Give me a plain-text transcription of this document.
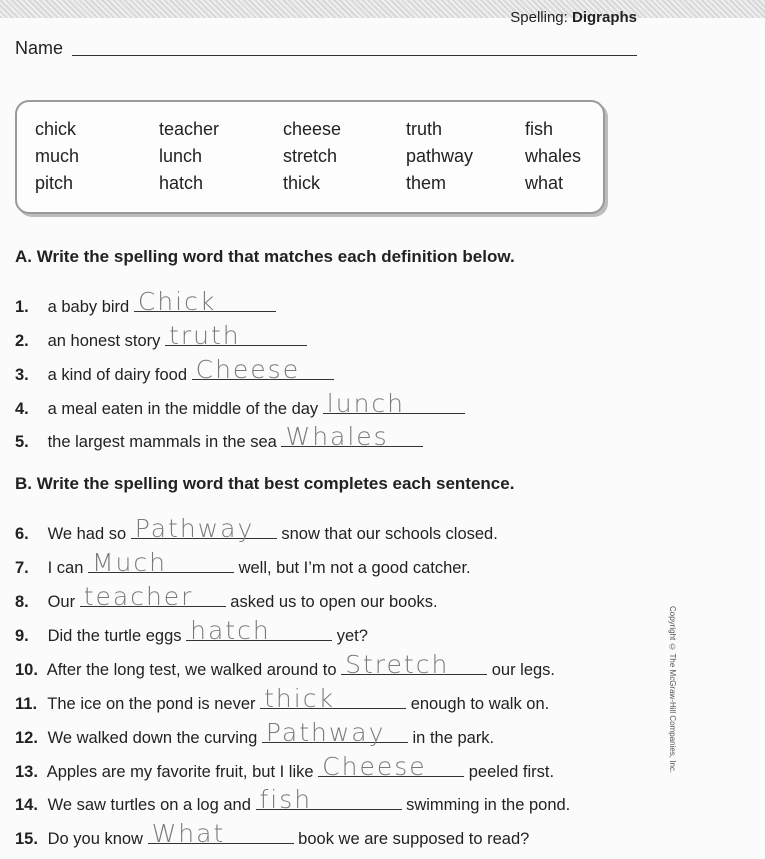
Spelling: Digraphs
Name
chick	teacher	cheese	truth	fish
much	lunch	stretch	pathway	whales
pitch	hatch	thick	them	what
A. Write the spelling word that matches each definition below.
B. Write the spelling word that best completes each sentence.
1. a baby bird Chick
2. an honest story truth
3. a kind of dairy food Cheese
4. a meal eaten in the middle of the day lunch
5. the largest mammals in the sea Whales
6. We had so Pathway snow that our schools closed.
7. I can Much	well, but I’m not a good catcher.
8. Our teacher asked us to open our books.
9. Did the turtle eggs hatch	yet?
10. After the long test, we walked around to Stretch	our legs.
11. The ice on the pond is never thick	enough to walk on.
12. We walked down the curving Pathway in the park.
13. Apples are my favorite fruit, but I like Cheese	peeled first.
14. We saw turtles on a log and fish	swimming in the pond.
15. Do you know What	book we are supposed to read?
Copyright © The McGraw-Hill Companies, Inc.
